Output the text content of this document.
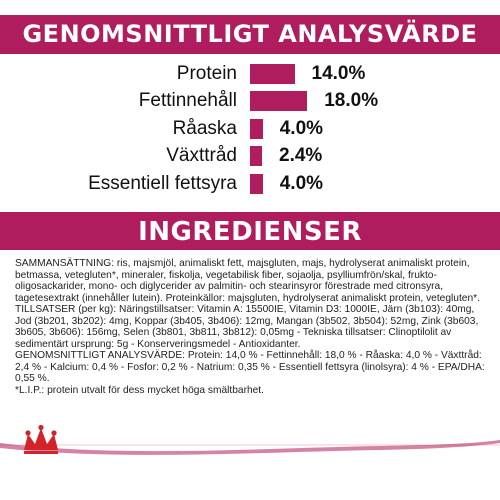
GENOMSNITTLIGT ANALYSVÄRDE
Protein	14.0%
Fettinnehåll	18.0%
Råaska 4.0%
Växttråd 2.4%
Essentiell fettsyra 4.0%
INGREDIENSER

SAMMANSÄTTNING: ris, majsmjöl, animaliskt fett, majsgluten, majs, hydrolyserat animaliskt protein, betmassa, vetegluten*, mineraler, fiskolja, vegetabilisk fiber, sojaolja, psylliumfrön/skal, frukto-oligosackarider, mono- och diglycerider av palmitin- och stearinsyror förestrade med citronsyra, tagetesextrakt (innehåller lutein). Proteinkällor: majsgluten, hydrolyserat animaliskt protein, vetegluten*.

TILLSATSER (per kg): Näringstillsatser: Vitamin A: 15500IE, Vitamin D3: 1000IE, Järn (3b103): 40mg, Jod (3b201, 3b202): 4mg, Koppar (3b405, 3b406): 12mg, Mangan (3b502, 3b504): 52mg, Zink (3b603, 3b605, 3b606): 156mg, Selen (3b801, 3b811, 3b812): 0,05mg - Tekniska tillsatser: Clinoptilolit av sedimentärt ursprung: 5g - Konserveringsmedel - Antioxidanter.

GENOMSNITTLIGT ANALYSVÄRDE: Protein: 14,0 % - Fettinnehåll: 18,0 % - Råaska: 4,0 % - Växttråd: 2,4 % - Kalcium: 0,4 % - Fosfor: 0,2 % - Natrium: 0,35 % - Essentiell fettsyra (linolsyra): 4 % - EPA/DHA: 0,55 %.

*L.I.P.: protein utvalt för dess mycket höga smältbarhet.
